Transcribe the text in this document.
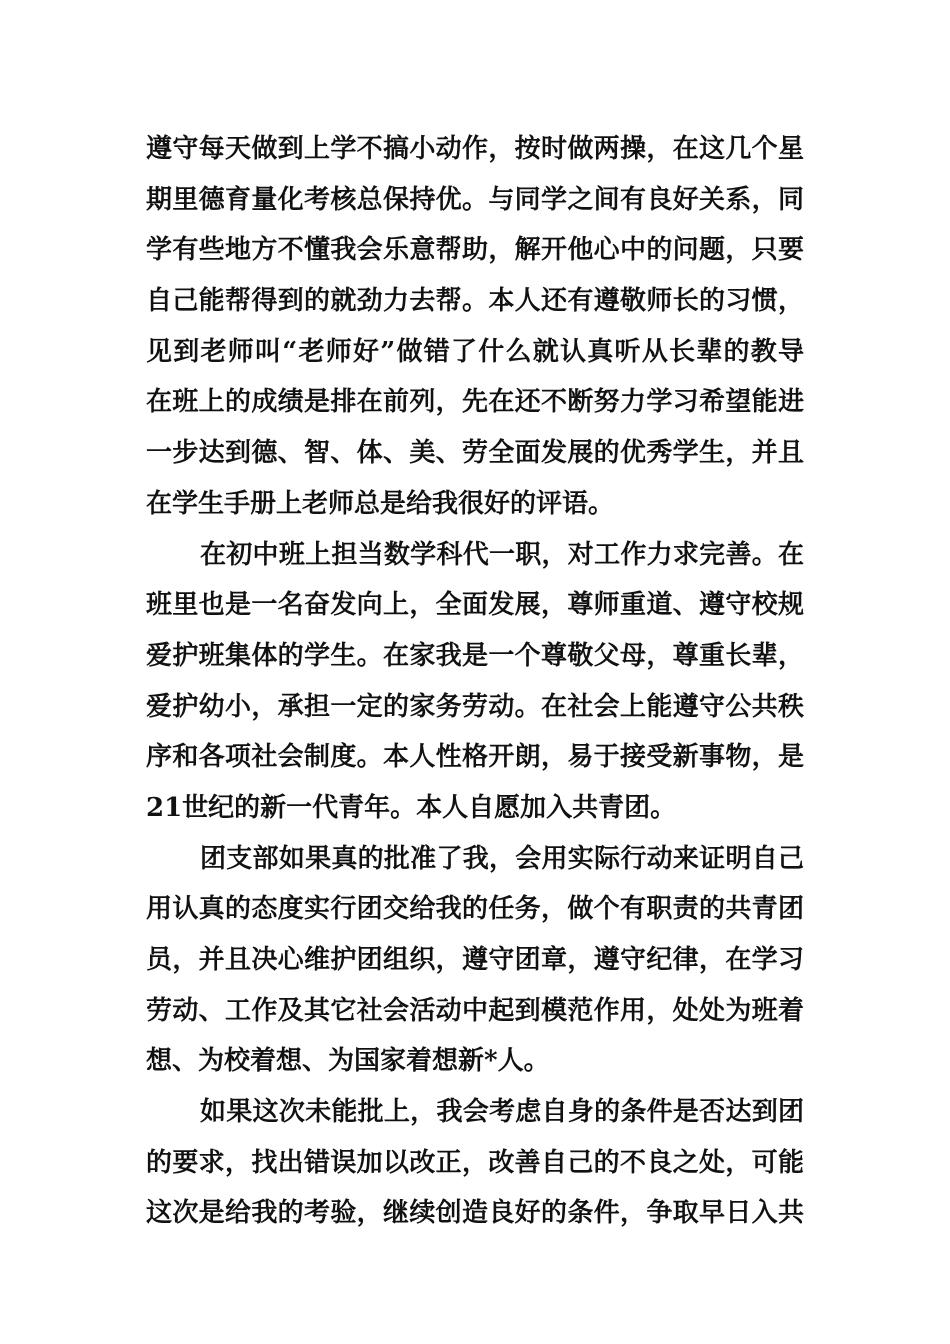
遵守每天做到上学不搞小动作，按时做两操，在这几个星
期里德育量化考核总保持优。与同学之间有良好关系，同
学有些地方不懂我会乐意帮助，解开他心中的问题，只要
自己能帮得到的就劲力去帮。本人还有遵敬师长的习惯，
见到老师叫“老师好”做错了什么就认真听从长辈的教导
在班上的成绩是排在前列，先在还不断努力学习希望能进
一步达到德、智、体、美、劳全面发展的优秀学生，并且
在学生手册上老师总是给我很好的评语。
在初中班上担当数学科代一职，对工作力求完善。在
班里也是一名奋发向上，全面发展，尊师重道、遵守校规
爱护班集体的学生。在家我是一个尊敬父母，尊重长辈，
爱护幼小，承担一定的家务劳动。在社会上能遵守公共秩
序和各项社会制度。本人性格开朗，易于接受新事物，是
21世纪的新一代青年。本人自愿加入共青团。
团支部如果真的批准了我，会用实际行动来证明自己
用认真的态度实行团交给我的任务，做个有职责的共青团
员，并且决心维护团组织，遵守团章，遵守纪律，在学习
劳动、工作及其它社会活动中起到模范作用，处处为班着
想、为校着想、为国家着想新*人。
如果这次未能批上，我会考虑自身的条件是否达到团
的要求，找出错误加以改正，改善自己的不良之处，可能
这次是给我的考验，继续创造良好的条件，争取早日入共
